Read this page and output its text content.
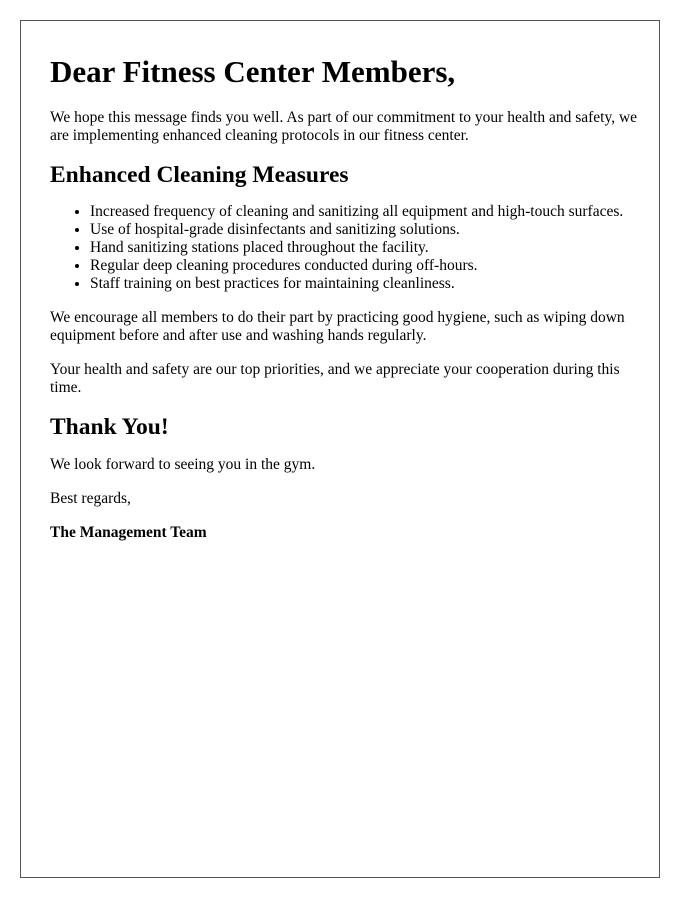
Dear Fitness Center Members,

We hope this message finds you well. As part of our commitment to your health and safety, we are implementing enhanced cleaning protocols in our fitness center.

Enhanced Cleaning Measures
• Increased frequency of cleaning and sanitizing all equipment and high-touch surfaces.
• Use of hospital-grade disinfectants and sanitizing solutions.
• Hand sanitizing stations placed throughout the facility.
• Regular deep cleaning procedures conducted during off-hours.
• Staff training on best practices for maintaining cleanliness.

We encourage all members to do their part by practicing good hygiene, such as wiping down equipment before and after use and washing hands regularly.

Your health and safety are our top priorities, and we appreciate your cooperation during this time.

Thank You!

We look forward to seeing you in the gym.

Best regards,

The Management Team
